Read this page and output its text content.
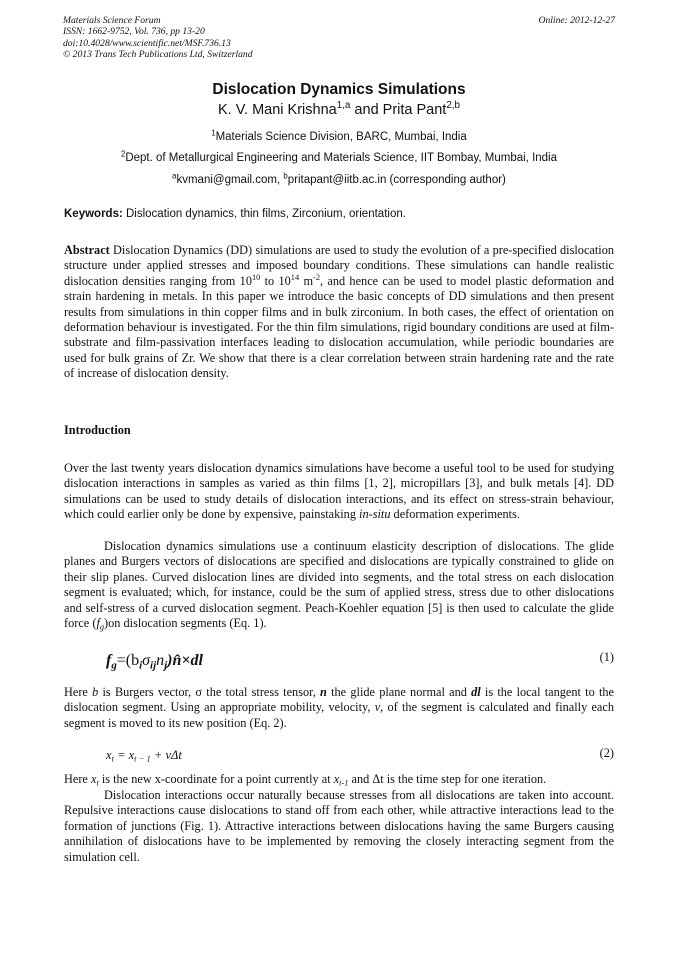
Materials Science Forum
ISSN: 1662-9752, Vol. 736, pp 13-20
doi:10.4028/www.scientific.net/MSF.736.13
© 2013 Trans Tech Publications Ltd, Switzerland
Online: 2012-12-27
Dislocation Dynamics Simulations
K. V. Mani Krishna$^{1,a}$ and Prita Pant$^{2,b}$
$^1$Materials Science Division, BARC, Mumbai, India
$^2$Dept. of Metallurgical Engineering and Materials Science, IIT Bombay, Mumbai, India
$^a$kvmani@gmail.com, $^b$pritapant@iitb.ac.in (corresponding author)
Keywords: Dislocation dynamics, thin films, Zirconium, orientation.
Abstract Dislocation Dynamics (DD) simulations are used to study the evolution of a pre-specified dislocation structure under applied stresses and imposed boundary conditions. These simulations can handle realistic dislocation densities ranging from $10^{10}$ to $10^{14}$ $m^{-2}$, and hence can be used to model plastic deformation and strain hardening in metals. In this paper we introduce the basic concepts of DD simulations and then present results from simulations in thin copper films and in bulk zirconium. In both cases, the effect of orientation on deformation behaviour is investigated. For the thin film simulations, rigid boundary conditions are used at film-substrate and film-passivation interfaces leading to dislocation accumulation, while periodic boundaries are used for bulk grains of Zr. We show that there is a clear correlation between strain hardening rate and the rate of increase of dislocation density.
Introduction
Over the last twenty years dislocation dynamics simulations have become a useful tool to be used for studying dislocation interactions in samples as varied as thin films [1, 2], micropillars [3], and bulk metals [4]. DD simulations can be used to study details of dislocation interactions, and its effect on stress-strain behaviour, which could earlier only be done by expensive, painstaking in-situ deformation experiments.
Dislocation dynamics simulations use a continuum elasticity description of dislocations. The glide planes and Burgers vectors of dislocations are specified and dislocations are typically constrained to glide on their slip planes. Curved dislocation lines are divided into segments, and the total stress on each dislocation segment is evaluated; which, for instance, could be the sum of applied stress, stress due to other dislocations and self-stress of a curved dislocation segment. Peach-Koehler equation [5] is then used to calculate the glide force $(f_g)on$ dislocation segments (Eq. 1).
$f_g=(b_i\sigma_{ij}n_j)n̂\times dl$	(1)
Here b is Burgers vector, σ the total stress tensor, n the glide plane normal and dl is the local tangent to the dislocation segment. Using an appropriate mobility, velocity, v, of the segment is calculated and finally each segment is moved to its new position (Eq. 2).
$x_t = x_{t - 1} + v\Delta t$	(2)
Here $x_t$ is the new x-coordinate for a point currently at $x_{t-1}$ and Δt is the time step for one iteration.
Dislocation interactions occur naturally because stresses from all dislocations are taken into account. Repulsive interactions cause dislocations to stand off from each other, while attractive interactions lead to the formation of junctions (Fig. 1). Attractive interactions between dislocations having the same Burgers causing annihilation of dislocations have to be implemented by removing the closely interacting segment from the simulation cell.
